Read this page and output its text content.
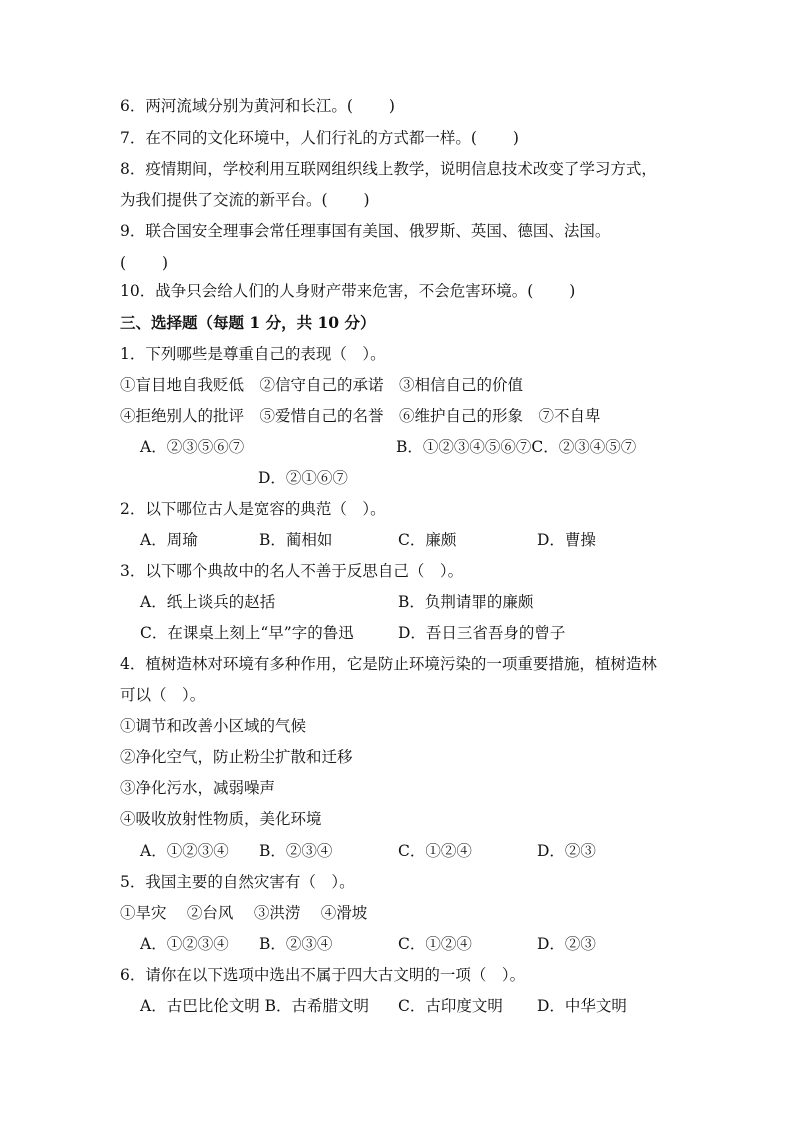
6．两河流域分别为黄河和长江。(　　 )
7．在不同的文化环境中，人们行礼的方式都一样。(　　 )
8．疫情期间，学校利用互联网组织线上教学，说明信息技术改变了学习方式，
为我们提供了交流的新平台。(　　 )
9．联合国安全理事会常任理事国有美国、俄罗斯、英国、德国、法国。
(　　 )
10．战争只会给人们的人身财产带来危害，不会危害环境。(　　 )
三、选择题（每题 1 分，共 10 分）
1．下列哪些是尊重自己的表现（　）。
①盲目地自我贬低　②信守自己的承诺　③相信自己的价值
④拒绝别人的批评　⑤爱惜自己的名誉　⑥维护自己的形象　⑦不自卑
A．②③⑤⑥⑦	B．①②③④⑤⑥⑦C．②③④⑤⑦
D．②①⑥⑦
2．以下哪位古人是宽容的典范（　）。
A．周瑜	B．蔺相如	C．廉颇	D．曹操
3．以下哪个典故中的名人不善于反思自己（　）。
A．纸上谈兵的赵括	B．负荆请罪的廉颇
C．在课桌上刻上“早”字的鲁迅	D．吾日三省吾身的曾子
4．植树造林对环境有多种作用，它是防止环境污染的一项重要措施，植树造林
可以（　）。
①调节和改善小区域的气候
②净化空气，防止粉尘扩散和迁移
③净化污水，减弱噪声
④吸收放射性物质，美化环境
A．①②③④ B．②③④	C．①②④	D．②③
5．我国主要的自然灾害有（　）。
①旱灾　 ②台风　 ③洪涝　 ④滑坡
A．①②③④ B．②③④	C．①②④	D．②③
6．请你在以下选项中选出不属于四大古文明的一项（　）。
A．古巴比伦文明 B．古希腊文明 C．古印度文明 D．中华文明
